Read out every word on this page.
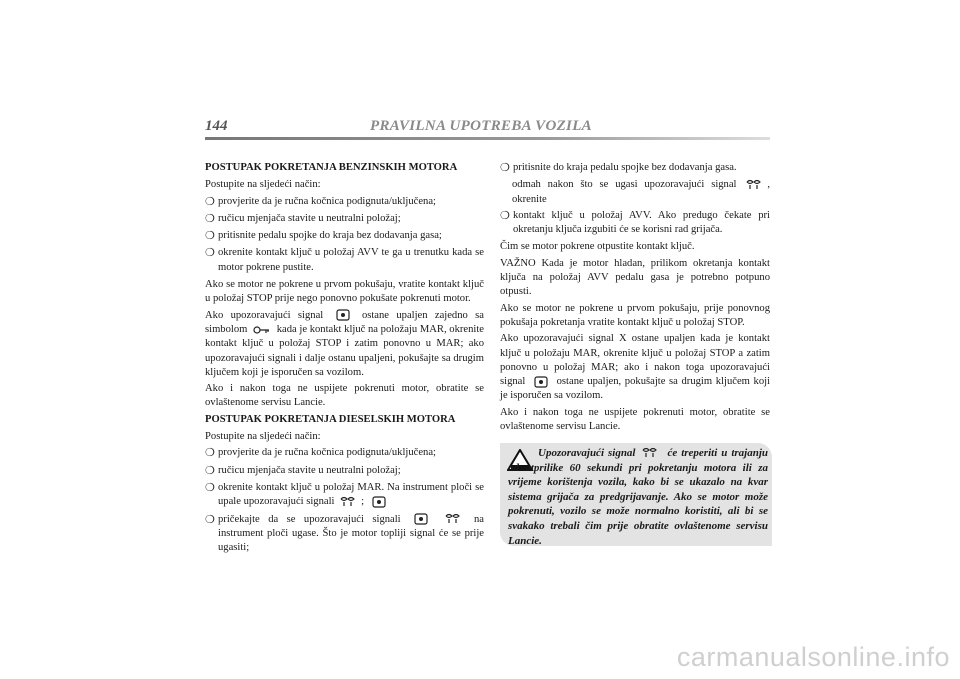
144	PRAVILNA UPOTREBA VOZILA

POSTUPAK POKRETANJA BENZINSKIH MOTORA

Postupite na sljedeći način:

❍ provjerite da je ručna kočnica podignuta/uključena;
❍ ručicu mjenjača stavite u neutralni položaj;
❍ pritisnite pedalu spojke do kraja bez dodavanja gasa;
❍ okrenite kontakt ključ u položaj AVV te ga u trenutku kada se motor pokrene pustite.

Ako se motor ne pokrene u prvom pokušaju, vratite kontakt ključ u položaj STOP prije nego ponovno pokušate pokrenuti motor.

Ako upozoravajući signal	ostane upaljen zajedno sa simbolom	kada je kontakt ključ na položaju MAR, okrenite kontakt ključ u položaj STOP i zatim ponovno u MAR; ako upozoravajući signali i dalje ostanu upaljeni, pokušajte sa drugim ključem koji je isporučen sa vozilom.

Ako i nakon toga ne uspijete pokrenuti motor, obratite se ovlaštenome servisu Lancie.

POSTUPAK POKRETANJA DIESELSKIH MOTORA

Postupite na sljedeći način:

❍ provjerite da je ručna kočnica podignuta/uključena;
❍ ručicu mjenjača stavite u neutralni položaj;
❍ okrenite kontakt ključ u položaj MAR. Na instrument ploči se upale upozoravajući signali	;
❍ pričekajte da se upozoravajući signali	na instrument ploči ugase. Što je motor topliji signal će se prije ugasiti;
❍ pritisnite do kraja pedalu spojke bez dodavanja gasa.

odmah nakon što se ugasi upozoravajući signal	, okrenite

❍ kontakt ključ u položaj AVV. Ako predugo čekate pri okretanju ključa izgubiti će se korisni rad grijača.

Čim se motor pokrene otpustite kontakt ključ.

VAŽNO Kada je motor hladan, prilikom okretanja kontakt ključa na položaj AVV pedalu gasa je potrebno potpuno otpusti.

Ako se motor ne pokrene u prvom pokušaju, prije ponovnog pokušaja pokretanja vratite kontakt ključ u položaj STOP.

Ako upozoravajući signal X ostane upaljen kada je kontakt ključ u položaju MAR, okrenite ključ u položaj STOP a zatim ponovno u položaj MAR; ako i nakon toga upozoravajući signal	ostane upaljen, pokušajte sa drugim ključem koji je isporučen sa vozilom.

Ako i nakon toga ne uspijete pokrenuti motor, obratite se ovlaštenome servisu Lancie.

Upozoravajući signal	će treperiti u trajanju od otprilike 60 sekundi pri pokretanju motora ili za vrijeme korištenja vozila, kako bi se ukazalo na kvar sistema grijača za predgrijavanje. Ako se motor može pokrenuti, vozilo se može normalno koristiti, ali bi se svakako trebali čim prije obratite ovlaštenome servisu Lancie.
carmanualsonline.info
